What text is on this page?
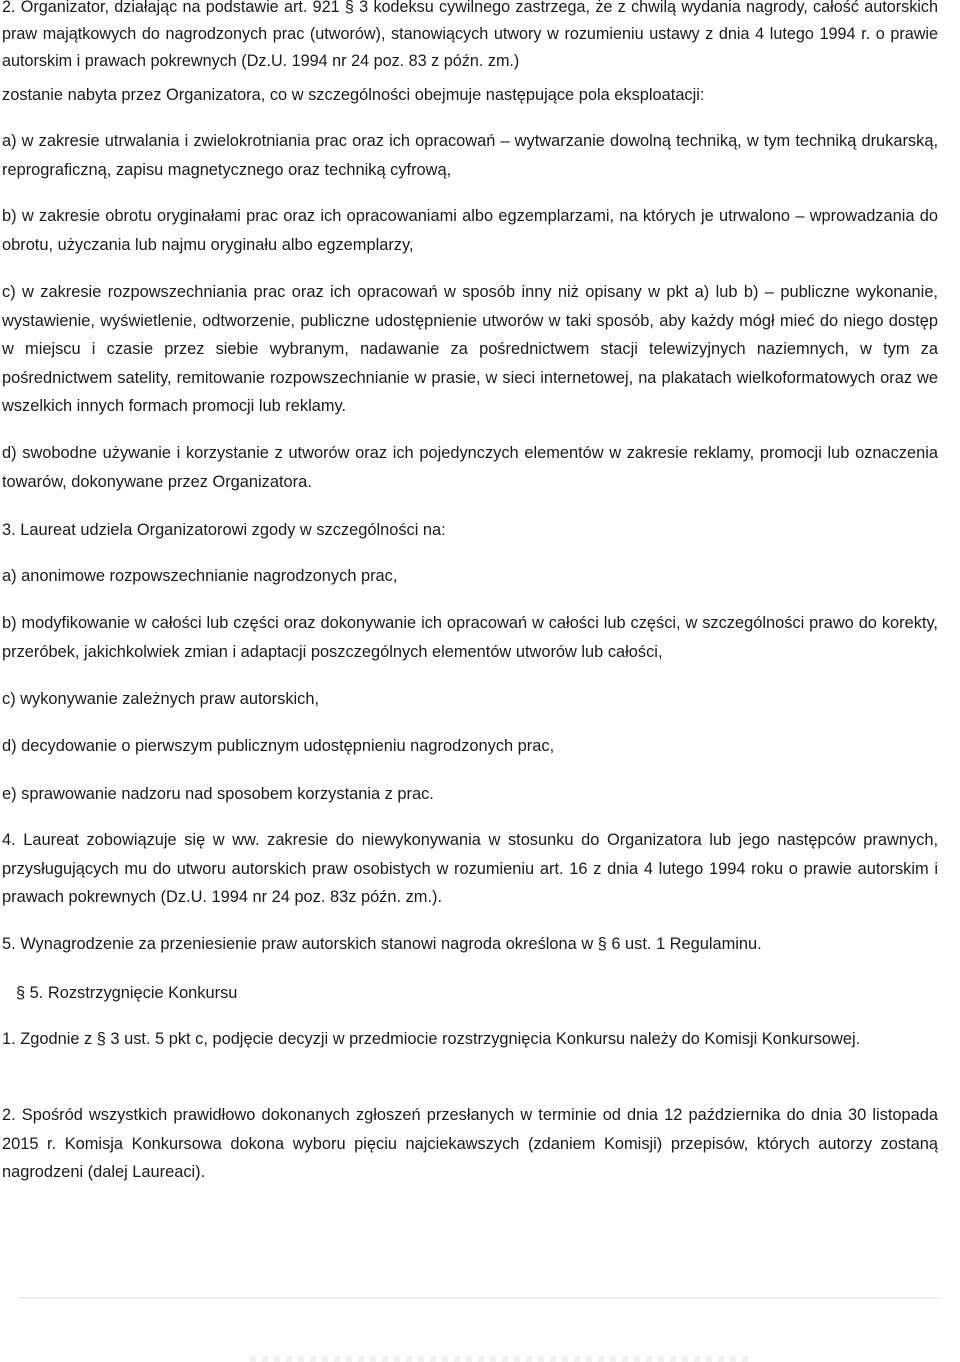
2. Organizator, działając na podstawie art. 921 § 3 kodeksu cywilnego zastrzega, że z chwilą wydania nagrody, całość autorskich praw majątkowych do nagrodzonych prac (utworów), stanowiących utwory w rozumieniu ustawy z dnia 4 lutego 1994 r. o prawie autorskim i prawach pokrewnych (Dz.U. 1994 nr 24 poz. 83 z późn. zm.)

zostanie nabyta przez Organizatora, co w szczególności obejmuje następujące pola eksploatacji:

a) w zakresie utrwalania i zwielokrotniania prac oraz ich opracowań – wytwarzanie dowolną techniką, w tym techniką drukarską, reprograficzną, zapisu magnetycznego oraz techniką cyfrową,

b) w zakresie obrotu oryginałami prac oraz ich opracowaniami albo egzemplarzami, na których je utrwalono – wprowadzania do obrotu, użyczania lub najmu oryginału albo egzemplarzy,

c) w zakresie rozpowszechniania prac oraz ich opracowań w sposób inny niż opisany w pkt a) lub b) – publiczne wykonanie, wystawienie, wyświetlenie, odtworzenie, publiczne udostępnienie utworów w taki sposób, aby każdy mógł mieć do niego dostęp w miejscu i czasie przez siebie wybranym, nadawanie za pośrednictwem stacji telewizyjnych naziemnych, w tym za pośrednictwem satelity, remitowanie rozpowszechnianie w prasie, w sieci internetowej, na plakatach wielkoformatowych oraz we wszelkich innych formach promocji lub reklamy.

d) swobodne używanie i korzystanie z utworów oraz ich pojedynczych elementów w zakresie reklamy, promocji lub oznaczenia towarów, dokonywane przez Organizatora.

3. Laureat udziela Organizatorowi zgody w szczególności na:

a) anonimowe rozpowszechnianie nagrodzonych prac,

b) modyfikowanie w całości lub części oraz dokonywanie ich opracowań w całości lub części, w szczególności prawo do korekty, przeróbek, jakichkolwiek zmian i adaptacji poszczególnych elementów utworów lub całości,

c) wykonywanie zależnych praw autorskich,

d) decydowanie o pierwszym publicznym udostępnieniu nagrodzonych prac,

e) sprawowanie nadzoru nad sposobem korzystania z prac.

4. Laureat zobowiązuje się w ww. zakresie do niewykonywania w stosunku do Organizatora lub jego następców prawnych, przysługujących mu do utworu autorskich praw osobistych w rozumieniu art. 16 z dnia 4 lutego 1994 roku o prawie autorskim i prawach pokrewnych (Dz.U. 1994 nr 24 poz. 83z późn. zm.).

5. Wynagrodzenie za przeniesienie praw autorskich stanowi nagroda określona w § 6 ust. 1 Regulaminu.

§ 5. Rozstrzygnięcie Konkursu

1. Zgodnie z § 3 ust. 5 pkt c, podjęcie decyzji w przedmiocie rozstrzygnięcia Konkursu należy do Komisji Konkursowej.

2. Spośród wszystkich prawidłowo dokonanych zgłoszeń przesłanych w terminie od dnia 12 października do dnia 30 listopada 2015 r. Komisja Konkursowa dokona wyboru pięciu najciekawszych (zdaniem Komisji) przepisów, których autorzy zostaną nagrodzeni (dalej Laureaci).
